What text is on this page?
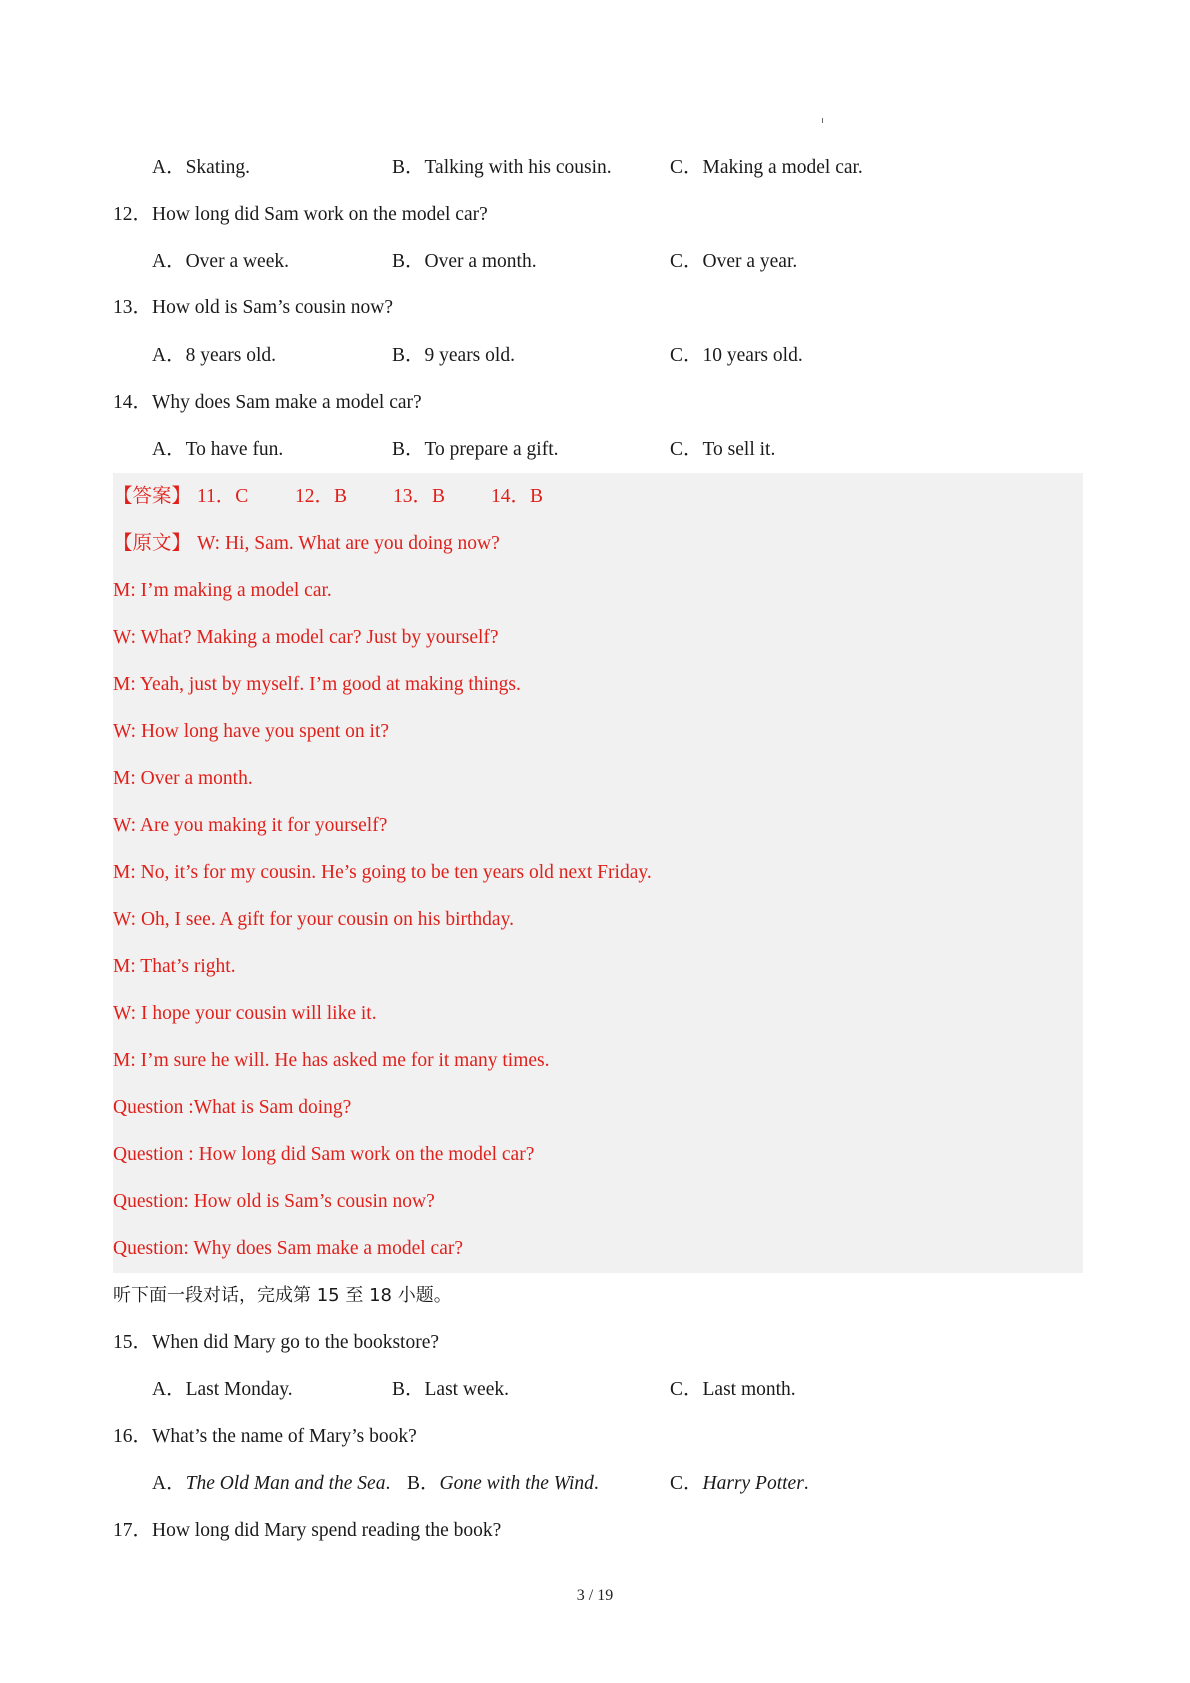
A．Skating.	B．Talking with his cousin.	C．Making a model car.
12．How long did Sam work on the model car?
A．Over a week.	B．Over a month.	C．Over a year.
13．How old is Sam’s cousin now?
A．8 years old.	B．9 years old.	C．10 years old.
14．Why does Sam make a model car?
A．To have fun.	B．To prepare a gift.	C．To sell it.
【答案】 11．C 12．B 13．B 14．B
【原文】 W: Hi, Sam. What are you doing now?
M: I’m making a model car.
W: What? Making a model car? Just by yourself?
M: Yeah, just by myself. I’m good at making things.
W: How long have you spent on it?
M: Over a month.
W: Are you making it for yourself?
M: No, it’s for my cousin. He’s going to be ten years old next Friday.
W: Oh, I see. A gift for your cousin on his birthday.
M: That’s right.
W: I hope your cousin will like it.
M: I’m sure he will. He has asked me for it many times.
Question :What is Sam doing?
Question : How long did Sam work on the model car?
Question: How old is Sam’s cousin now?
Question: Why does Sam make a model car?
听下面一段对话，完成第 15 至 18 小题。
15．When did Mary go to the bookstore?
A．Last Monday.	B．Last week.	C．Last month.
16．What’s the name of Mary’s book?
A．The Old Man and the Sea. B．Gone with the Wind.	C．Harry Potter.
17．How long did Mary spend reading the book?
3 / 19
